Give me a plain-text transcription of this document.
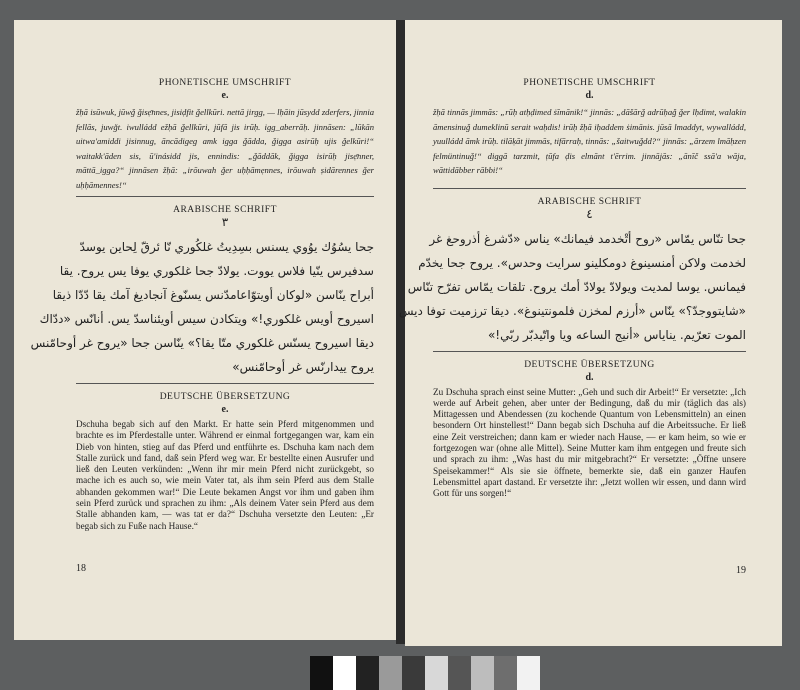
PHONETISCHE UMSCHRIFT
e.

žḥā isūwuk, jūwǧ ǧisẹ̄nnes, jisiḍfit ǧellkūri. nettā jirgg, — lḥāin jūsydd zderfers, jinnia fellās, juwğt. iwulládd ežḥā ǧellkūri, jūfā jis irūḥ. igg_aberrāḥ. jinnāsen: „lūkān uitwa'amiddi jisinnug, āncādigeg amk igga ǧādda, ǧigga asirūḥ ujis ǧelkūri!“ waitakk'āden sis, ū'inásidd jis, ennindis: „ǧāddāk, ǧigga isirūḥ jisẹ̄nner, māttā_igga?“ jinnāsen žḥā: „irōuwah ǧer uḥḥāmẹnnes, irōuwah ṣidārennes ǧer uḥḥāmennes!“

ARABISCHE SCHRIFT
٣
جحا يسُوُك يوُوي يسنس بسِدِيتُ غلكُوري نّا ئرقّ لِحاين يوسدّ
سدفيرس ينّيا فلاس يووت. يولادّ جحا غلكوري يوفا يس يروح. يقا
أبراح ينّاسن «لوكان أويتوّاعامدّنس يسنّوغ آنجاديغ آمك يقا دّدّا ذيقا
اسيروح أويس غلكوري!» ويتكادن سيس أويئناسدّ يس. أنانّس «ددّاك
ديقا اسيروح يسنّس غلكوري متّا يقا؟» ينّاسن جحا «يروح غر أوحامّنس
يروح ييدارنّس غر أوحامّنس»
DEUTSCHE ÜBERSETZUNG
e.

Dschuha begab sich auf den Markt. Er hatte sein Pferd mitgenommen und brachte es im Pferdestalle unter. Während er einmal fortgegangen war, kam ein Dieb von hinten, stieg auf das Pferd und entführte es. Dschuha kam nach dem Stalle zurück und fand, daß sein Pferd weg war. Er bestellte einen Ausrufer und ließ den Leuten verkünden: „Wenn ihr mir mein Pferd nicht zurückgebt, so mache ich es auch so, wie mein Vater tat, als ihm sein Pferd aus dem Stalle abhanden gekommen war!“ Die Leute bekamen Angst vor ihm und gaben ihm sein Pferd zurück und sprachen zu ihm: „Als deinem Vater sein Pferd aus dem Stalle abhanden kam, — was tat er da?“ Dschuha versetzte den Leuten: „Er begab sich zu Fuße nach Hause.“

18
PHONETISCHE UMSCHRIFT
d.

žḥā tinnās jimmās: „rūḥ atḥḍimed ṡīmānik!“ jinnās: „dāšārǧ adrūḥaǧ ǧer lḥdimt, walakin āmensinuǧ dumeklinū serait waḥdis! irūḥ žḥā iḥaddem ṡimānis. jūsā lmaddyt, wywalládd, yuulládd āmk irūḥ. tilāḳāt jimmās, tifārraḥ, tinnās: „šaitwuǧdd?“ jinnās: „ārzem lmāḥzen felmüntinuǧ!“ diggā tarzmit, ṭūfa ḍis elmānt t'ērrim. jinnājās: „ānīč ssā'a wāja, wāttidābber rābbi!“

ARABISCHE SCHRIFT
٤
جحا تنّاس يمّاس «روح أتْخدمد فيمانك» يناس «دّشرغ أذروحغ غر
لخدمت ولاكن أمنسينوغ دومكلينو سرايت وحدس». يروح جحا يخدّم
فيمانس. يوسا لمديت ويولادّ يولادّ أمك يروح. تلقات يمّاس تفرّح تنّاس
«شايتووجدّ؟» ينّاس «أرزم لمخزن فلمونتينوغ». ديقا ترزميت توفا ديس
الموت تعرّيم. يناياس «أنيج الساعه ويا واتّيدبّر ربّي!»
DEUTSCHE ÜBERSETZUNG
d.

Zu Dschuha sprach einst seine Mutter: „Geh und such dir Arbeit!“ Er versetzte: „Ich werde auf Arbeit gehen, aber unter der Bedingung, daß du mir (täglich das als) Mittagessen und Abendessen (zu kochende Quantum von Lebensmitteln) an einen besondern Ort hinstellest!“ Dann begab sich Dschuha auf die Arbeitssuche. Er ließ eine Zeit verstreichen; dann kam er wieder nach Hause, — er kam heim, so wie er fortgezogen war (ohne alle Mittel). Seine Mutter kam ihm entgegen und freute sich und sprach zu ihm: „Was hast du mir mitgebracht?“ Er versetzte: „Öffne unsere Speisekammer!“ Als sie sie öffnete, bemerkte sie, daß ein ganzer Haufen Lebensmittel apart dastand. Er versetzte ihr: „Jetzt wollen wir essen, und dann wird Gott für uns sorgen!“

19
